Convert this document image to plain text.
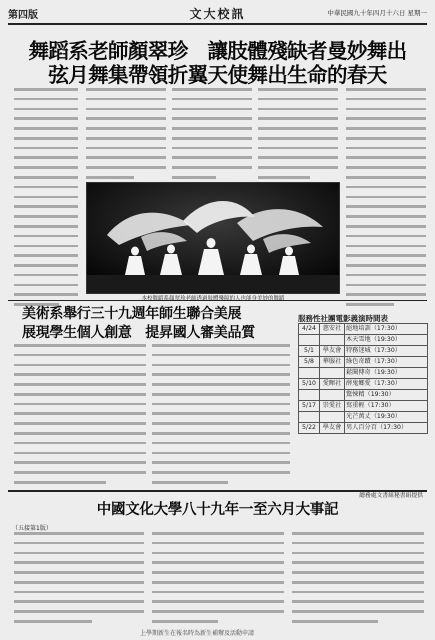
第四版	文大校訊	中華民國九十年四月十六日 星期一
舞蹈系老師顏翠珍　讓肢體殘缺者曼妙舞出
弦月舞集帶領折翼天使舞出生命的春天
本校舞蹈系顏翠珍老師透過肢體殘障的人也能身美妙的舞蹈
美術系舉行三十九週年師生聯合美展
展現學生個人創意　提昇國人審美品質
服務性社團電影義演時間表
4/24	慈安社	絕地培訓（17:30）
		木天雪地（19:30）
5/1	學友會	特務迷城（17:30）
5/8	華服社	綠色奇蹟（17:30）
		鬆聞傳奇（19:30）
5/10	愛暉社	薛鬼鄉愛（17:30）
		驚悚精（19:30）
5/17	崇愛社	寫重輕（17:30）
		光芒萬丈（19:30）
5/22	學友會	男人百分百（17:30）
總務處文書組秘書組提供
中國文化大學八十九年一至六月大事記
（五接第1版）
上學期新生在報名時為新生補辦及活動申請
